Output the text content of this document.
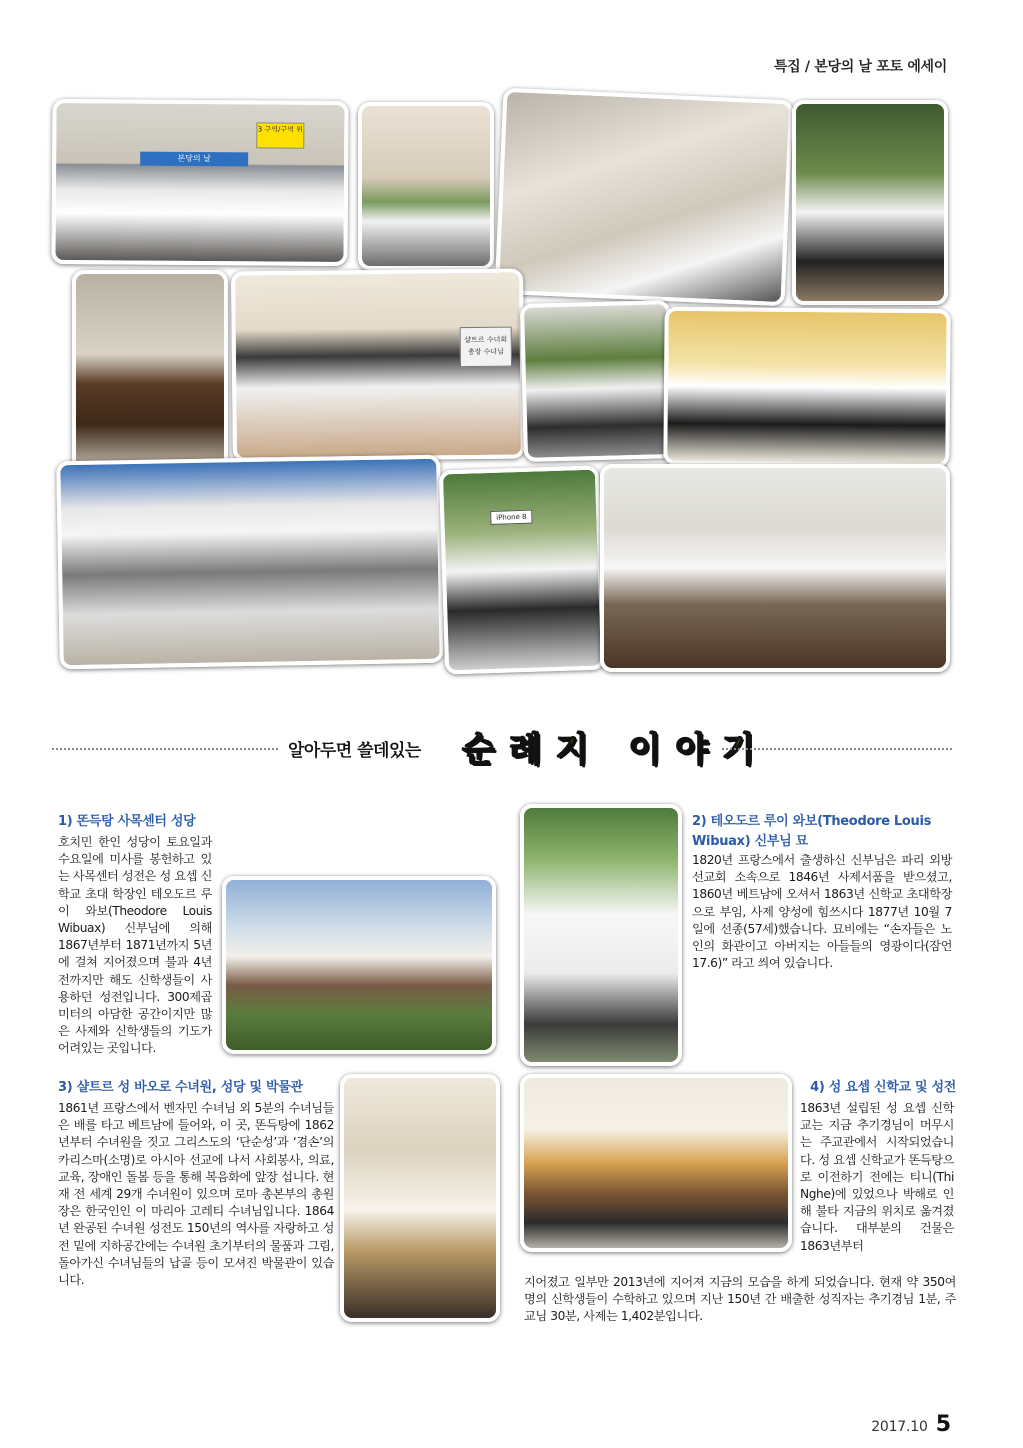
특집 / 본당의 날 포토 에세이
3 구역/구역 위
본당의 날
샬트르 수녀회 총장 수녀님
iPhone 8
알아두면 쓸데있는 순례지 이야기
1) 똔득탕 사목센터 성당
호치민 한인 성당이 토요일과 수요일에 미사를 봉헌하고 있는 사목센터 성전은 성 요셉 신학교 초대 학장인 테오도르 루이 와보(Theodore Louis Wibuax) 신부님에 의해 1867년부터 1871년까지 5년에 걸쳐 지어졌으며 불과 4년 전까지만 해도 신학생들이 사용하던 성전입니다. 300제곱미터의 아담한 공간이지만 많은 사제와 신학생들의 기도가 어려있는 곳입니다.
2) 테오도르 루이 와보(Theodore Louis Wibuax) 신부님 묘
1820년 프랑스에서 출생하신 신부님은 파리 외방선교회 소속으로 1846년 사제서품을 받으셨고, 1860년 베트남에 오셔서 1863년 신학교 초대학장으로 부임, 사제 양성에 힘쓰시다 1877년 10월 7일에 선종(57세)했습니다. 묘비에는 “손자들은 노인의 화관이고 아버지는 아들들의 영광이다(잠언 17.6)” 라고 씌여 있습니다.
3) 샬트르 성 바오로 수녀원, 성당 및 박물관
1861년 프랑스에서 벤자민 수녀님 외 5분의 수녀님들은 배를 타고 베트남에 들어와, 이 곳, 똔득탕에 1862년부터 수녀원을 짓고 그리스도의 ‘단순성’과 ‘겸손’의 카리스마(소명)로 아시아 선교에 나서 사회봉사, 의료, 교육, 장애인 돌봄 등을 통해 복음화에 앞장 섭니다. 현재 전 세계 29개 수녀원이 있으며 로마 총본부의 총원장은 한국인인 이 마리아 고레티 수녀님입니다. 1864년 완공된 수녀원 성전도 150년의 역사를 자랑하고 성전 밑에 지하공간에는 수녀원 초기부터의 물품과 그림, 돌아가신 수녀님들의 납골 등이 모셔진 박물관이 있습니다.
4) 성 요셉 신학교 및 성전
1863년 설립된 성 요셉 신학교는 지금 추기경님이 머무시는 주교관에서 시작되었습니다. 성 요셉 신학교가 똔득탕으로 이전하기 전에는 티니(Thi Nghe)에 있었으나 박해로 인해 불타 지금의 위치로 옮겨졌습니다. 대부분의 건물은 1863년부터
지어졌고 일부만 2013년에 지어져 지금의 모습을 하게 되었습니다. 현재 약 350여 명의 신학생들이 수학하고 있으며 지난 150년 간 배출한 성직자는 추기경님 1분, 주교님 30분, 사제는 1,402분입니다.
2017.10 5
